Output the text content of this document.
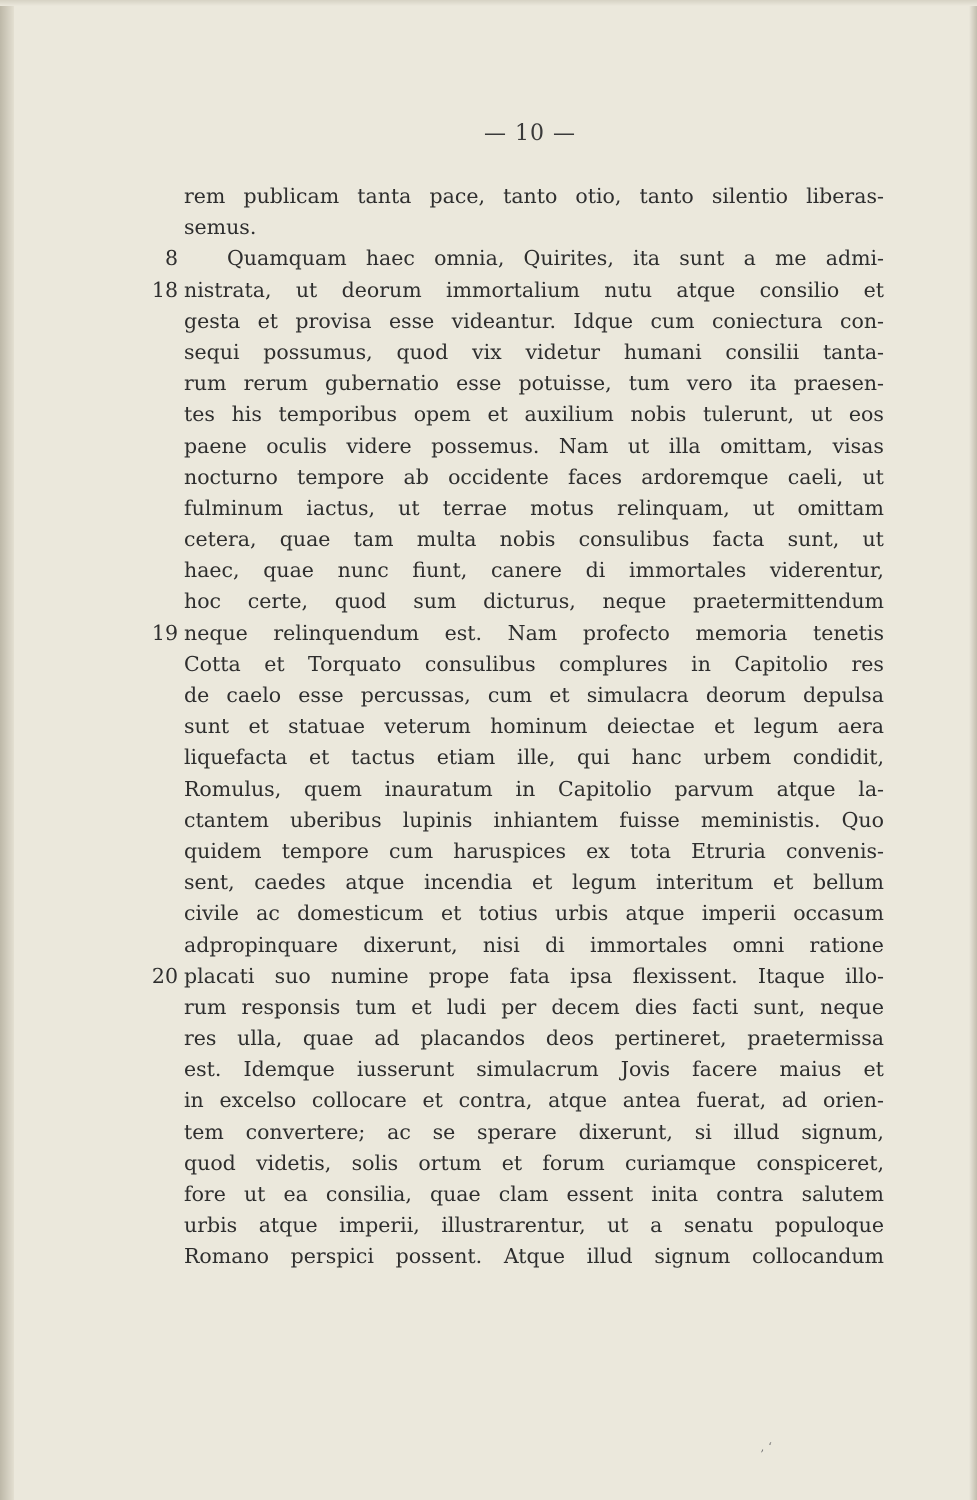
— 10 —
rem publicam tanta pace, tanto otio, tanto silentio liberas-
semus.
8 Quamquam haec omnia, Quirites, ita sunt a me admi-
18 nistrata, ut deorum immortalium nutu atque consilio et
gesta et provisa esse videantur. Idque cum coniectura con-
sequi possumus, quod vix videtur humani consilii tanta-
rum rerum gubernatio esse potuisse, tum vero ita praesen-
tes his temporibus opem et auxilium nobis tulerunt, ut eos
paene oculis videre possemus. Nam ut illa omittam, visas
nocturno tempore ab occidente faces ardoremque caeli, ut
fulminum iactus, ut terrae motus relinquam, ut omittam
cetera, quae tam multa nobis consulibus facta sunt, ut
haec, quae nunc fiunt, canere di immortales viderentur,
hoc certe, quod sum dicturus, neque praetermittendum
19 neque relinquendum est. Nam profecto memoria tenetis
Cotta et Torquato consulibus complures in Capitolio res
de caelo esse percussas, cum et simulacra deorum depulsa
sunt et statuae veterum hominum deiectae et legum aera
liquefacta et tactus etiam ille, qui hanc urbem condidit,
Romulus, quem inauratum in Capitolio parvum atque la-
ctantem uberibus lupinis inhiantem fuisse meministis. Quo
quidem tempore cum haruspices ex tota Etruria convenis-
sent, caedes atque incendia et legum interitum et bellum
civile ac domesticum et totius urbis atque imperii occasum
adpropinquare dixerunt, nisi di immortales omni ratione
20 placati suo numine prope fata ipsa flexissent. Itaque illo-
rum responsis tum et ludi per decem dies facti sunt, neque
res ulla, quae ad placandos deos pertineret, praetermissa
est. Idemque iusserunt simulacrum Jovis facere maius et
in excelso collocare et contra, atque antea fuerat, ad orien-
tem convertere; ac se sperare dixerunt, si illud signum,
quod videtis, solis ortum et forum curiamque conspiceret,
fore ut ea consilia, quae clam essent inita contra salutem
urbis atque imperii, illustrarentur, ut a senatu populoque
Romano perspici possent. Atque illud signum collocandum
, ‘
